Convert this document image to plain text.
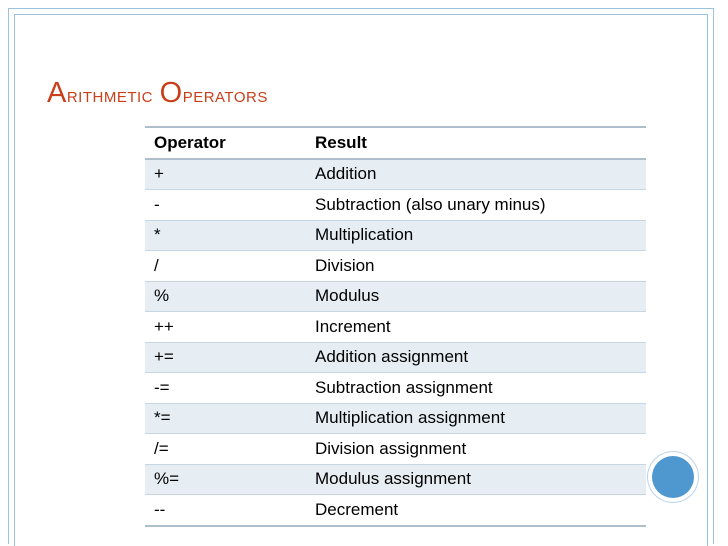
Arithmetic Operators
Operator	Result
+	Addition
-	Subtraction (also unary minus)
*	Multiplication
/	Division
%	Modulus
++	Increment
+=	Addition assignment
-=	Subtraction assignment
*=	Multiplication assignment
/=	Division assignment
%=	Modulus assignment
--	Decrement
